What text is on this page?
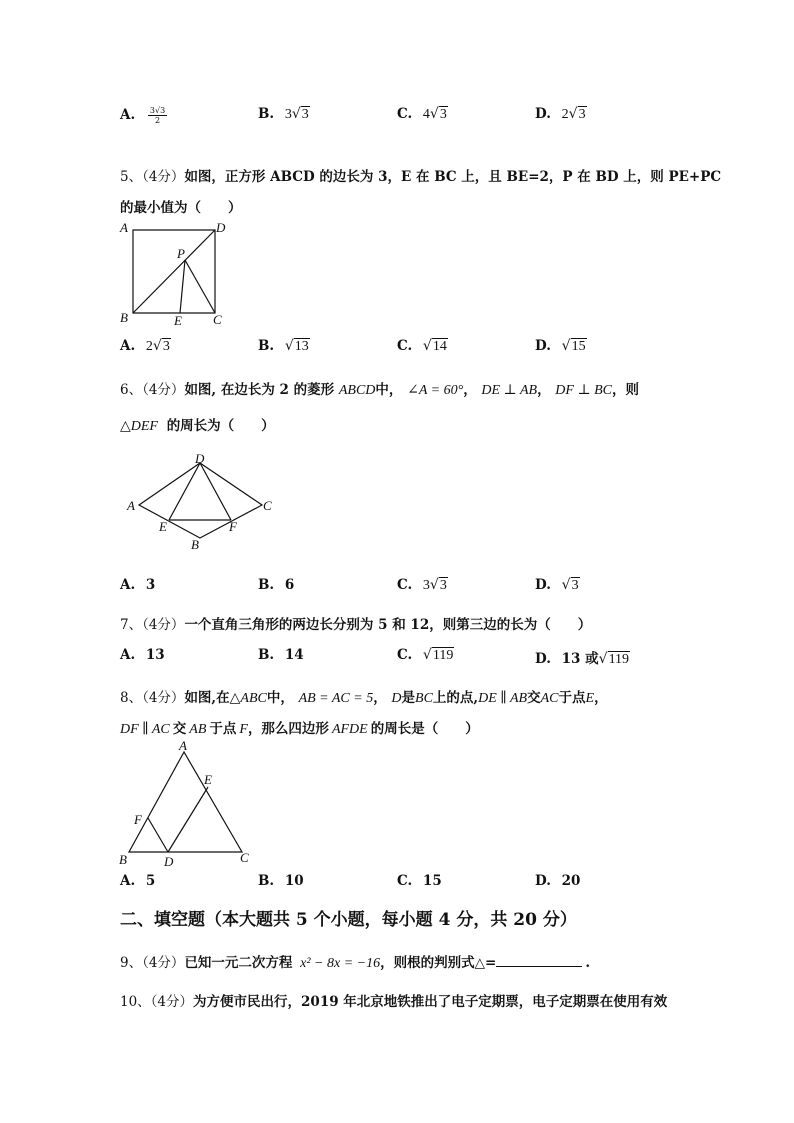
A. $\frac{3√3}{2}$	B. 3√3	C. 4√3	D. 2√3
5、（4分）如图，正方形 ABCD 的边长为 3，E 在 BC 上，且 BE=2，P 在 BD 上，则 PE+PC
的最小值为（　　）
A	D
B	E C
P
A. 2√3	B. √13	C. √14	D. √15
6、（4分）如图, 在边长为 2 的菱形 ABCD中， ∠A = 60°， DE ⊥ AB， DF ⊥ BC，则
△DEF 的周长为（　　）
D
A	C
E	F
B
A. 3	B. 6	C. 3√3	D. √3
7、（4分）一个直角三角形的两边长分别为 5 和 12，则第三边的长为（　　）
A. 13	B. 14	C. √119	D. 13 或√119
8、（4分）如图,在△ABC中， AB = AC = 5， D是BC上的点,DE ∥ AB交AC于点E，
DF ∥ AC 交 AB 于点 F，那么四边形 AFDE 的周长是（　　）
A
E
F
B	D	C
A. 5	B. 10	C. 15	D. 20
二、填空题（本大题共 5 个小题，每小题 4 分，共 20 分）
9、（4分）已知一元二次方程 x² − 8x = −16，则根的判别式△=	.
10、（4分）为方便市民出行，2019 年北京地铁推出了电子定期票，电子定期票在使用有效
